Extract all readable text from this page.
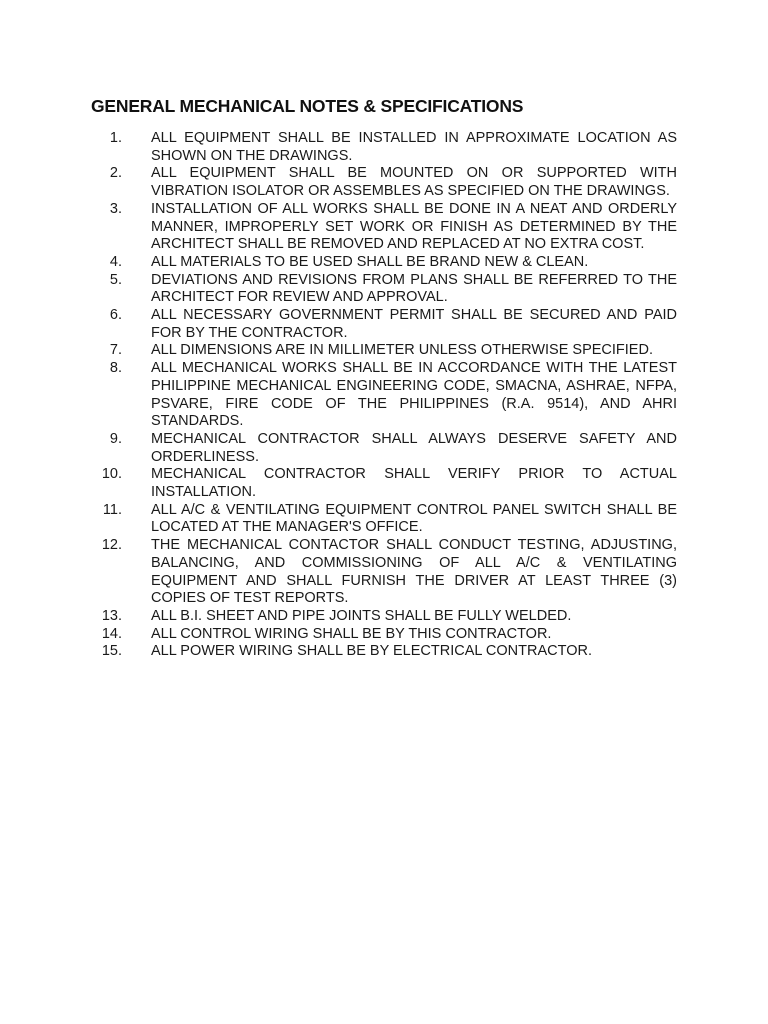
GENERAL MECHANICAL NOTES & SPECIFICATIONS
1. ALL EQUIPMENT SHALL BE INSTALLED IN APPROXIMATE LOCATION AS SHOWN ON THE DRAWINGS.
2. ALL EQUIPMENT SHALL BE MOUNTED ON OR SUPPORTED WITH VIBRATION ISOLATOR OR ASSEMBLES AS SPECIFIED ON THE DRAWINGS.
3. INSTALLATION OF ALL WORKS SHALL BE DONE IN A NEAT AND ORDERLY MANNER, IMPROPERLY SET WORK OR FINISH AS DETERMINED BY THE ARCHITECT SHALL BE REMOVED AND REPLACED AT NO EXTRA COST.
4. ALL MATERIALS TO BE USED SHALL BE BRAND NEW & CLEAN.
5. DEVIATIONS AND REVISIONS FROM PLANS SHALL BE REFERRED TO THE ARCHITECT FOR REVIEW AND APPROVAL.
6. ALL NECESSARY GOVERNMENT PERMIT SHALL BE SECURED AND PAID FOR BY THE CONTRACTOR.
7. ALL DIMENSIONS ARE IN MILLIMETER UNLESS OTHERWISE SPECIFIED.
8. ALL MECHANICAL WORKS SHALL BE IN ACCORDANCE WITH THE LATEST PHILIPPINE MECHANICAL ENGINEERING CODE, SMACNA, ASHRAE, NFPA, PSVARE, FIRE CODE OF THE PHILIPPINES (R.A. 9514), AND AHRI STANDARDS.
9. MECHANICAL CONTRACTOR SHALL ALWAYS DESERVE SAFETY AND ORDERLINESS.
10. MECHANICAL CONTRACTOR SHALL VERIFY PRIOR TO ACTUAL INSTALLATION.
11. ALL A/C & VENTILATING EQUIPMENT CONTROL PANEL SWITCH SHALL BE LOCATED AT THE MANAGER'S OFFICE.
12. THE MECHANICAL CONTACTOR SHALL CONDUCT TESTING, ADJUSTING, BALANCING, AND COMMISSIONING OF ALL A/C & VENTILATING EQUIPMENT AND SHALL FURNISH THE DRIVER AT LEAST THREE (3) COPIES OF TEST REPORTS.
13. ALL B.I. SHEET AND PIPE JOINTS SHALL BE FULLY WELDED.
14. ALL CONTROL WIRING SHALL BE BY THIS CONTRACTOR.
15. ALL POWER WIRING SHALL BE BY ELECTRICAL CONTRACTOR.
